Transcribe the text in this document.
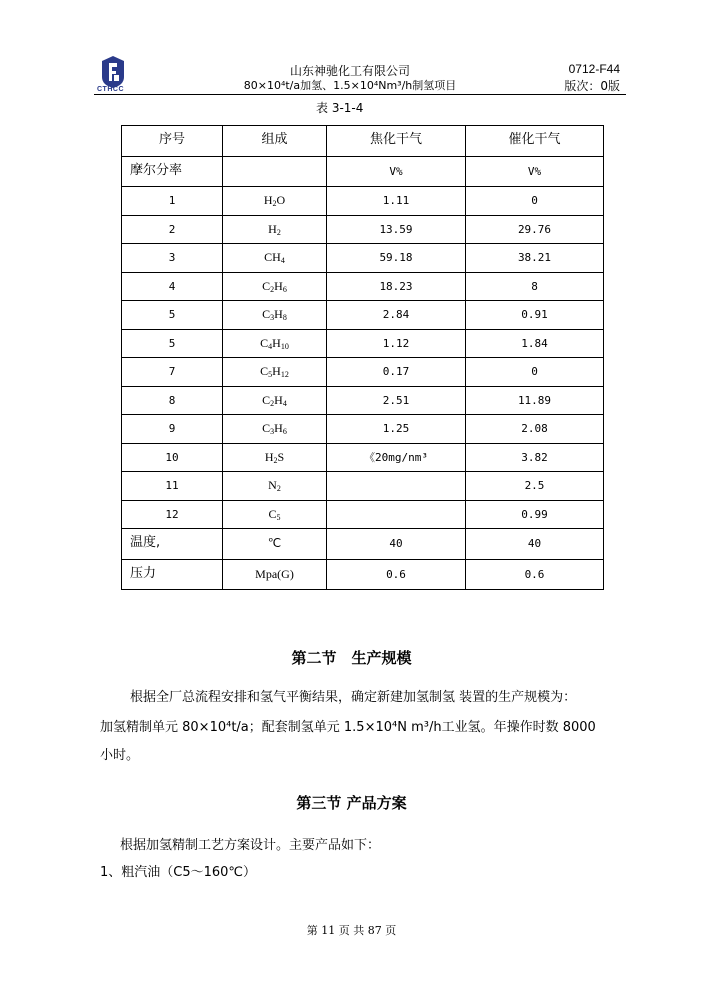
CTHCC
山东神驰化工有限公司
80×10⁴t/a加氢、1.5×10⁴Nm³/h制氢项目
0712-F44
版次：0版
表 3-1-4
序号	组成	焦化干气	催化干气
摩尔分率		V%	V%
1	$H_2O$	1.11	0
2	$H_2$	13.59	29.76
3	$CH_4$	59.18	38.21
4	$C_2H_6$	18.23	8
5	$C_3H_8$	2.84	0.91
5	$C_4H_{10}$	1.12	1.84
7	$C_5H_{12}$	0.17	0
8	$C_2H_4$	2.51	11.89
9	$C_3H_6$	1.25	2.08
10	$H_2S$	《20mg/nm³	3.82
11	$N_2$		2.5
12	$C_5$		0.99
温度,	℃	40	40
压力	Mpa(G)	0.6	0.6
第二节　生产规模
根据全厂总流程安排和氢气平衡结果，确定新建加氢制氢 装置的生产规模为：
加氢精制单元 80×10⁴t/a；配套制氢单元 1.5×10⁴N m³/h工业氢。年操作时数 8000
小时。
第三节 产品方案
根据加氢精制工艺方案设计。主要产品如下：
1、粗汽油（C5～160℃）
第 11 页 共 87 页
